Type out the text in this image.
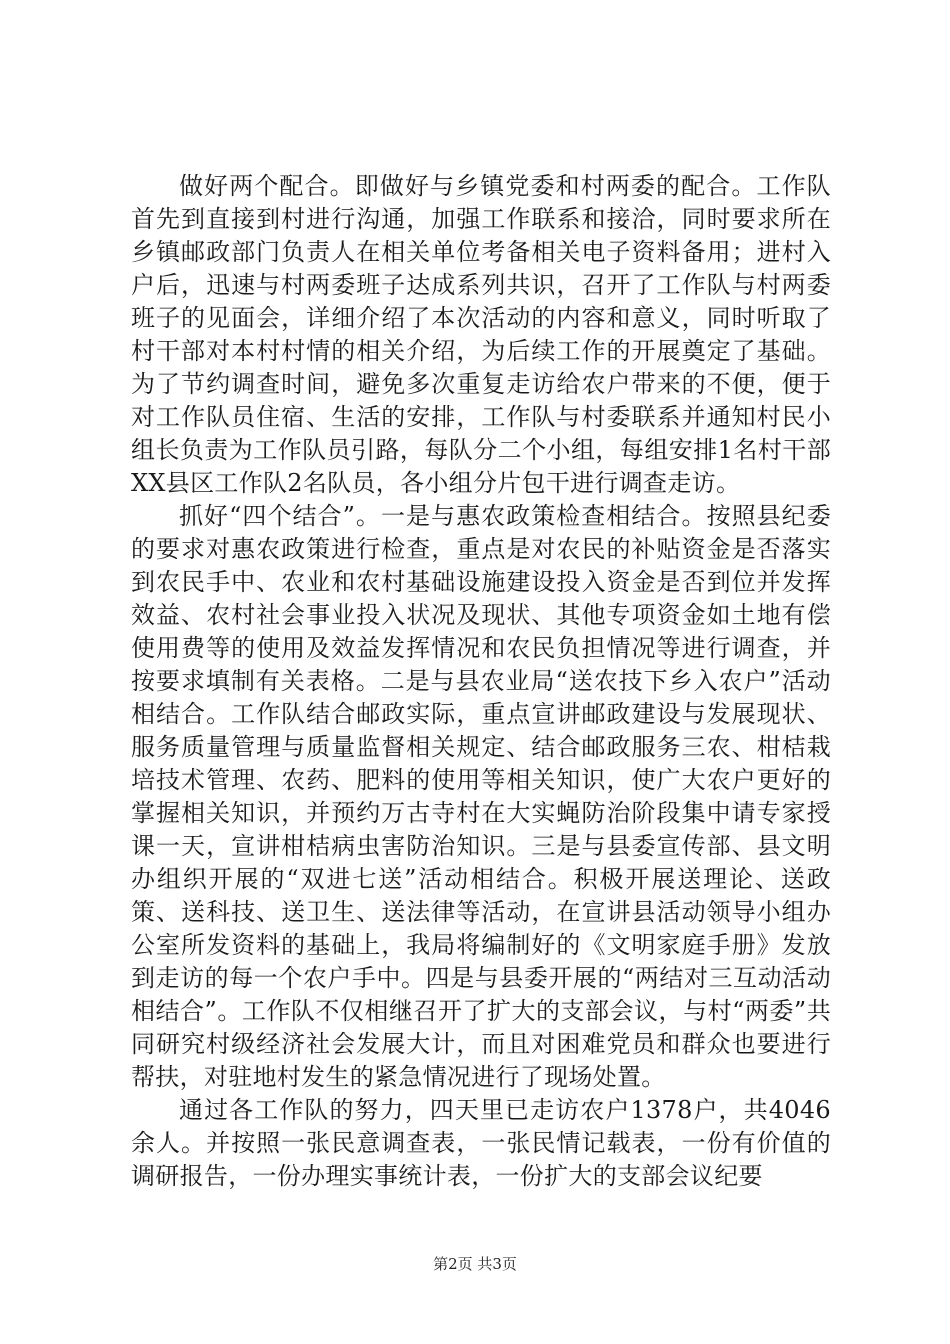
做好两个配合。即做好与乡镇党委和村两委的配合。工作队首先到直接到村进行沟通，加强工作联系和接洽，同时要求所在乡镇邮政部门负责人在相关单位考备相关电子资料备用；进村入户后，迅速与村两委班子达成系列共识，召开了工作队与村两委班子的见面会，详细介绍了本次活动的内容和意义，同时听取了村干部对本村村情的相关介绍，为后续工作的开展奠定了基础。为了节约调查时间，避免多次重复走访给农户带来的不便，便于对工作队员住宿、生活的安排，工作队与村委联系并通知村民小组长负责为工作队员引路，每队分二个小组，每组安排1名村干部XX县区工作队2名队员，各小组分片包干进行调查走访。

抓好“四个结合”。一是与惠农政策检查相结合。按照县纪委的要求对惠农政策进行检查，重点是对农民的补贴资金是否落实到农民手中、农业和农村基础设施建设投入资金是否到位并发挥效益、农村社会事业投入状况及现状、其他专项资金如土地有偿使用费等的使用及效益发挥情况和农民负担情况等进行调查，并按要求填制有关表格。二是与县农业局“送农技下乡入农户”活动相结合。工作队结合邮政实际，重点宣讲邮政建设与发展现状、服务质量管理与质量监督相关规定、结合邮政服务三农、柑桔栽培技术管理、农药、肥料的使用等相关知识，使广大农户更好的掌握相关知识，并预约万古寺村在大实蝇防治阶段集中请专家授课一天，宣讲柑桔病虫害防治知识。三是与县委宣传部、县文明办组织开展的“双进七送”活动相结合。积极开展送理论、送政策、送科技、送卫生、送法律等活动，在宣讲县活动领导小组办公室所发资料的基础上，我局将编制好的《文明家庭手册》发放到走访的每一个农户手中。四是与县委开展的“两结对三互动活动相结合”。工作队不仅相继召开了扩大的支部会议，与村“两委”共同研究村级经济社会发展大计，而且对困难党员和群众也要进行帮扶，对驻地村发生的紧急情况进行了现场处置。

通过各工作队的努力，四天里已走访农户1378户，共4046余人。并按照一张民意调查表，一张民情记载表，一份有价值的调研报告，一份办理实事统计表，一份扩大的支部会议纪要

第2页 共3页
